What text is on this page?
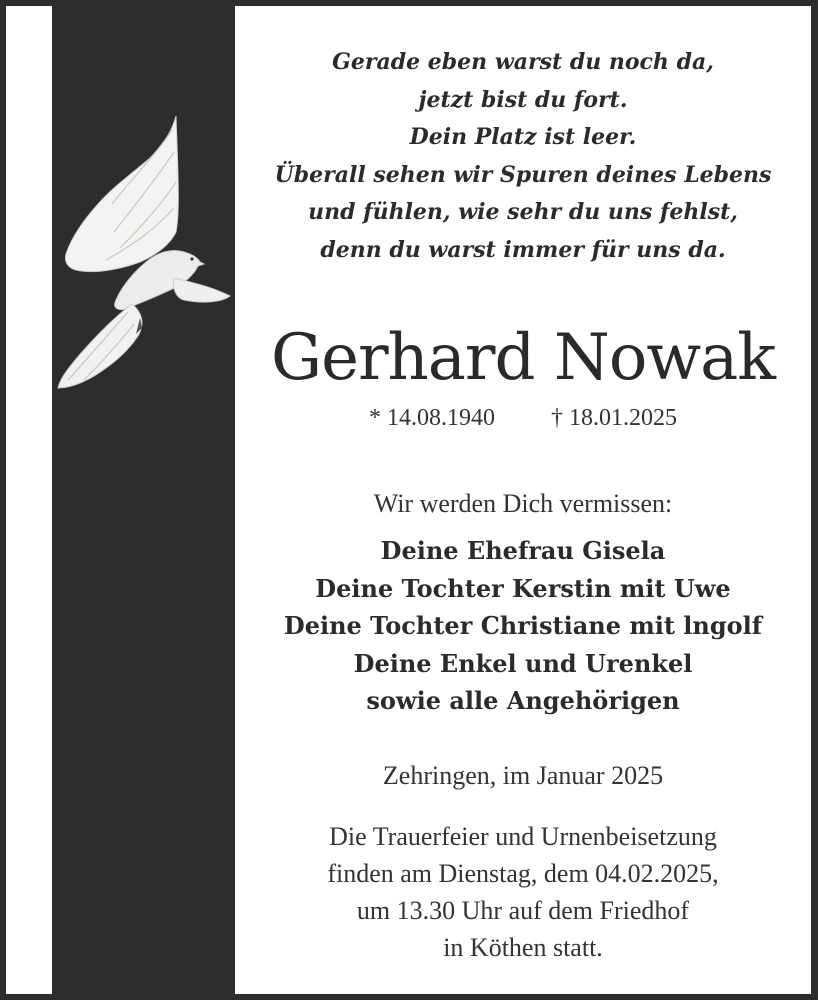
Gerade eben warst du noch da,
jetzt bist du fort.
Dein Platz ist leer.
Überall sehen wir Spuren deines Lebens
und fühlen, wie sehr du uns fehlst,
denn du warst immer für uns da.
Gerhard Nowak
* 14.08.1940 † 18.01.2025
Wir werden Dich vermissen:
Deine Ehefrau Gisela
Deine Tochter Kerstin mit Uwe
Deine Tochter Christiane mit lngolf
Deine Enkel und Urenkel
sowie alle Angehörigen
Zehringen, im Januar 2025
Die Trauerfeier und Urnenbeisetzung
finden am Dienstag, dem 04.02.2025,
um 13.30 Uhr auf dem Friedhof
in Köthen statt.
